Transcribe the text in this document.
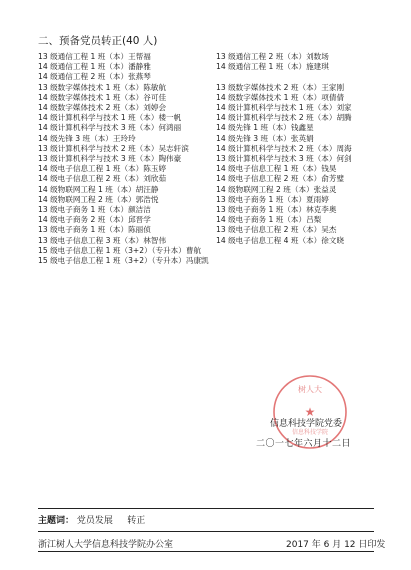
二、预备党员转正(40 人)
13 级通信工程 1 班（本）王帮福	13 级通信工程 2 班（本）刘数场
14 级通信工程 1 班（本）潘静雅	14 级通信工程 1 班（本）施建琪
14 级通信工程 2 班（本）张燕琴
13 级数字媒体技术 1 班（本）陈敏航	13 级数字媒体技术 2 班（本）王家刚
14 级数字媒体技术 1 班（本）谷可佳	14 级数字媒体技术 1 班（本）项倩倩
14 级数字媒体技术 2 班（本）刘婷会	14 级计算机科学与技术 1 班（本）刘家
14 级计算机科学与技术 1 班（本）楼一帆	14 级计算机科学与技术 2 班（本）胡腾
14 级计算机科学与技术 3 班（本）何鸿丽	14 级先锋 1 班（本）钱鑫星
14 级先锋 3 班（本）王玲玲	14 级先锋 3 班（本）张英娟
13 级计算机科学与技术 2 班（本）吴志轩滨	14 级计算机科学与技术 2 班（本）周海
13 级计算机科学与技术 3 班（本）陶伟豪	13 级计算机科学与技术 3 班（本）何剑
14 级电子信息工程 1 班（本）陈玉婷	14 级电子信息工程 1 班（本）钱昊
14 级电子信息工程 2 班（本）刘欣茹	14 级电子信息工程 2 班（本）俞芳璧
14 级物联网工程 1 班（本）胡汪静	14 级物联网工程 2 班（本）张益灵
14 级物联网工程 2 班（本）郭浩悦	13 级电子商务 1 班（本）夏雨婷
13 级电子商务 1 班（本）颜洁洁	13 级电子商务 1 班（本）林克李奥
14 级电子商务 2 班（本）邱晋学	14 级电子商务 1 班（本）吕梨
13 级电子商务 1 班（本）陈丽侦	13 级电子信息工程 2 班（本）吴杰
13 级电子信息工程 3 班（本）林智伟	14 级电子信息工程 4 班（本）徐文晓
15 级电子信息工程 1 班（3+2）（专升本）曹航
15 级电子信息工程 1 班（3+2）（专升本）冯康凯
★
树人大
信息科技学院
信息科技学院党委
二〇一七年六月十二日
主题词： 党员发展     转正
浙江树人大学信息科技学院办公室	2017 年 6 月 12 日印发
